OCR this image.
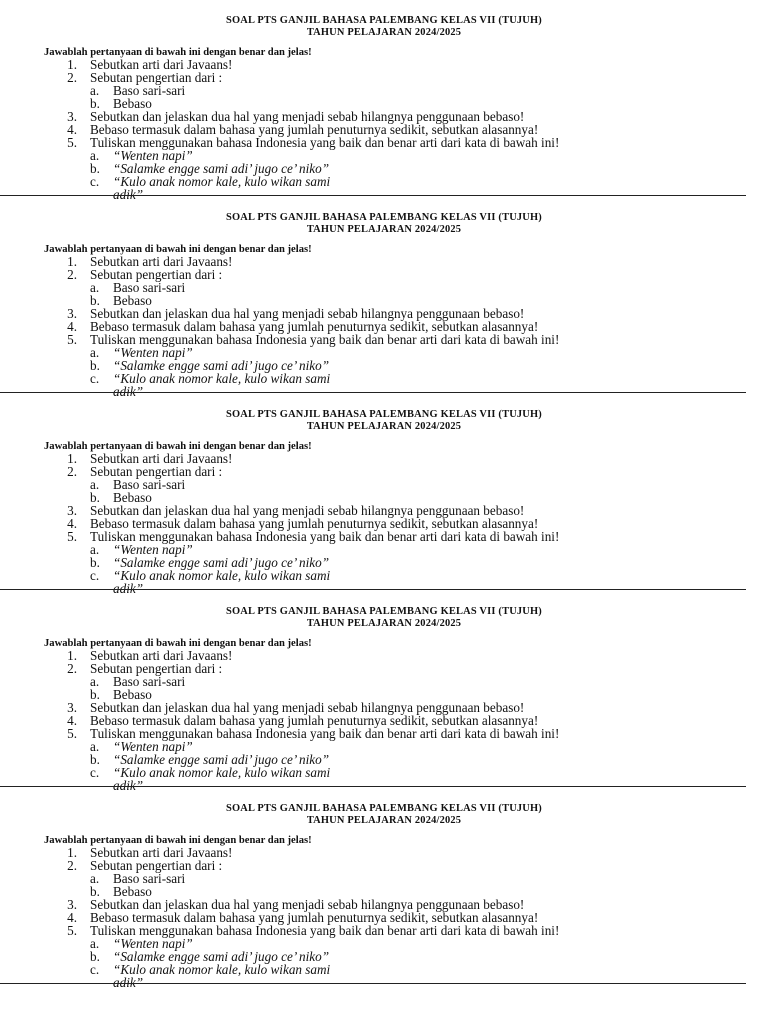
SOAL PTS GANJIL BAHASA PALEMBANG KELAS VII (TUJUH)
TAHUN PELAJARAN 2024/2025
Jawablah pertanyaan di bawah ini dengan benar dan jelas!
1. Sebutkan arti dari Javaans!
2. Sebutan pengertian dari :
a. Baso sari-sari
b. Bebaso
3. Sebutkan dan jelaskan dua hal yang menjadi sebab hilangnya penggunaan bebaso!
4. Bebaso termasuk dalam bahasa yang jumlah penuturnya sedikit, sebutkan alasannya!
5. Tuliskan menggunakan bahasa Indonesia yang baik dan benar arti dari kata di bawah ini!
a. “Wenten napi”
b. “Salamke engge sami adi’ jugo ce’ niko”
c. “Kulo anak nomor kale, kulo wikan sami
adik”
SOAL PTS GANJIL BAHASA PALEMBANG KELAS VII (TUJUH)
TAHUN PELAJARAN 2024/2025
Jawablah pertanyaan di bawah ini dengan benar dan jelas!
1. Sebutkan arti dari Javaans!
2. Sebutan pengertian dari :
a. Baso sari-sari
b. Bebaso
3. Sebutkan dan jelaskan dua hal yang menjadi sebab hilangnya penggunaan bebaso!
4. Bebaso termasuk dalam bahasa yang jumlah penuturnya sedikit, sebutkan alasannya!
5. Tuliskan menggunakan bahasa Indonesia yang baik dan benar arti dari kata di bawah ini!
a. “Wenten napi”
b. “Salamke engge sami adi’ jugo ce’ niko”
c. “Kulo anak nomor kale, kulo wikan sami
adik”
SOAL PTS GANJIL BAHASA PALEMBANG KELAS VII (TUJUH)
TAHUN PELAJARAN 2024/2025
Jawablah pertanyaan di bawah ini dengan benar dan jelas!
1. Sebutkan arti dari Javaans!
2. Sebutan pengertian dari :
a. Baso sari-sari
b. Bebaso
3. Sebutkan dan jelaskan dua hal yang menjadi sebab hilangnya penggunaan bebaso!
4. Bebaso termasuk dalam bahasa yang jumlah penuturnya sedikit, sebutkan alasannya!
5. Tuliskan menggunakan bahasa Indonesia yang baik dan benar arti dari kata di bawah ini!
a. “Wenten napi”
b. “Salamke engge sami adi’ jugo ce’ niko”
c. “Kulo anak nomor kale, kulo wikan sami
adik”
SOAL PTS GANJIL BAHASA PALEMBANG KELAS VII (TUJUH)
TAHUN PELAJARAN 2024/2025
Jawablah pertanyaan di bawah ini dengan benar dan jelas!
1. Sebutkan arti dari Javaans!
2. Sebutan pengertian dari :
a. Baso sari-sari
b. Bebaso
3. Sebutkan dan jelaskan dua hal yang menjadi sebab hilangnya penggunaan bebaso!
4. Bebaso termasuk dalam bahasa yang jumlah penuturnya sedikit, sebutkan alasannya!
5. Tuliskan menggunakan bahasa Indonesia yang baik dan benar arti dari kata di bawah ini!
a. “Wenten napi”
b. “Salamke engge sami adi’ jugo ce’ niko”
c. “Kulo anak nomor kale, kulo wikan sami
adik”
SOAL PTS GANJIL BAHASA PALEMBANG KELAS VII (TUJUH)
TAHUN PELAJARAN 2024/2025
Jawablah pertanyaan di bawah ini dengan benar dan jelas!
1. Sebutkan arti dari Javaans!
2. Sebutan pengertian dari :
a. Baso sari-sari
b. Bebaso
3. Sebutkan dan jelaskan dua hal yang menjadi sebab hilangnya penggunaan bebaso!
4. Bebaso termasuk dalam bahasa yang jumlah penuturnya sedikit, sebutkan alasannya!
5. Tuliskan menggunakan bahasa Indonesia yang baik dan benar arti dari kata di bawah ini!
a. “Wenten napi”
b. “Salamke engge sami adi’ jugo ce’ niko”
c. “Kulo anak nomor kale, kulo wikan sami
adik”
